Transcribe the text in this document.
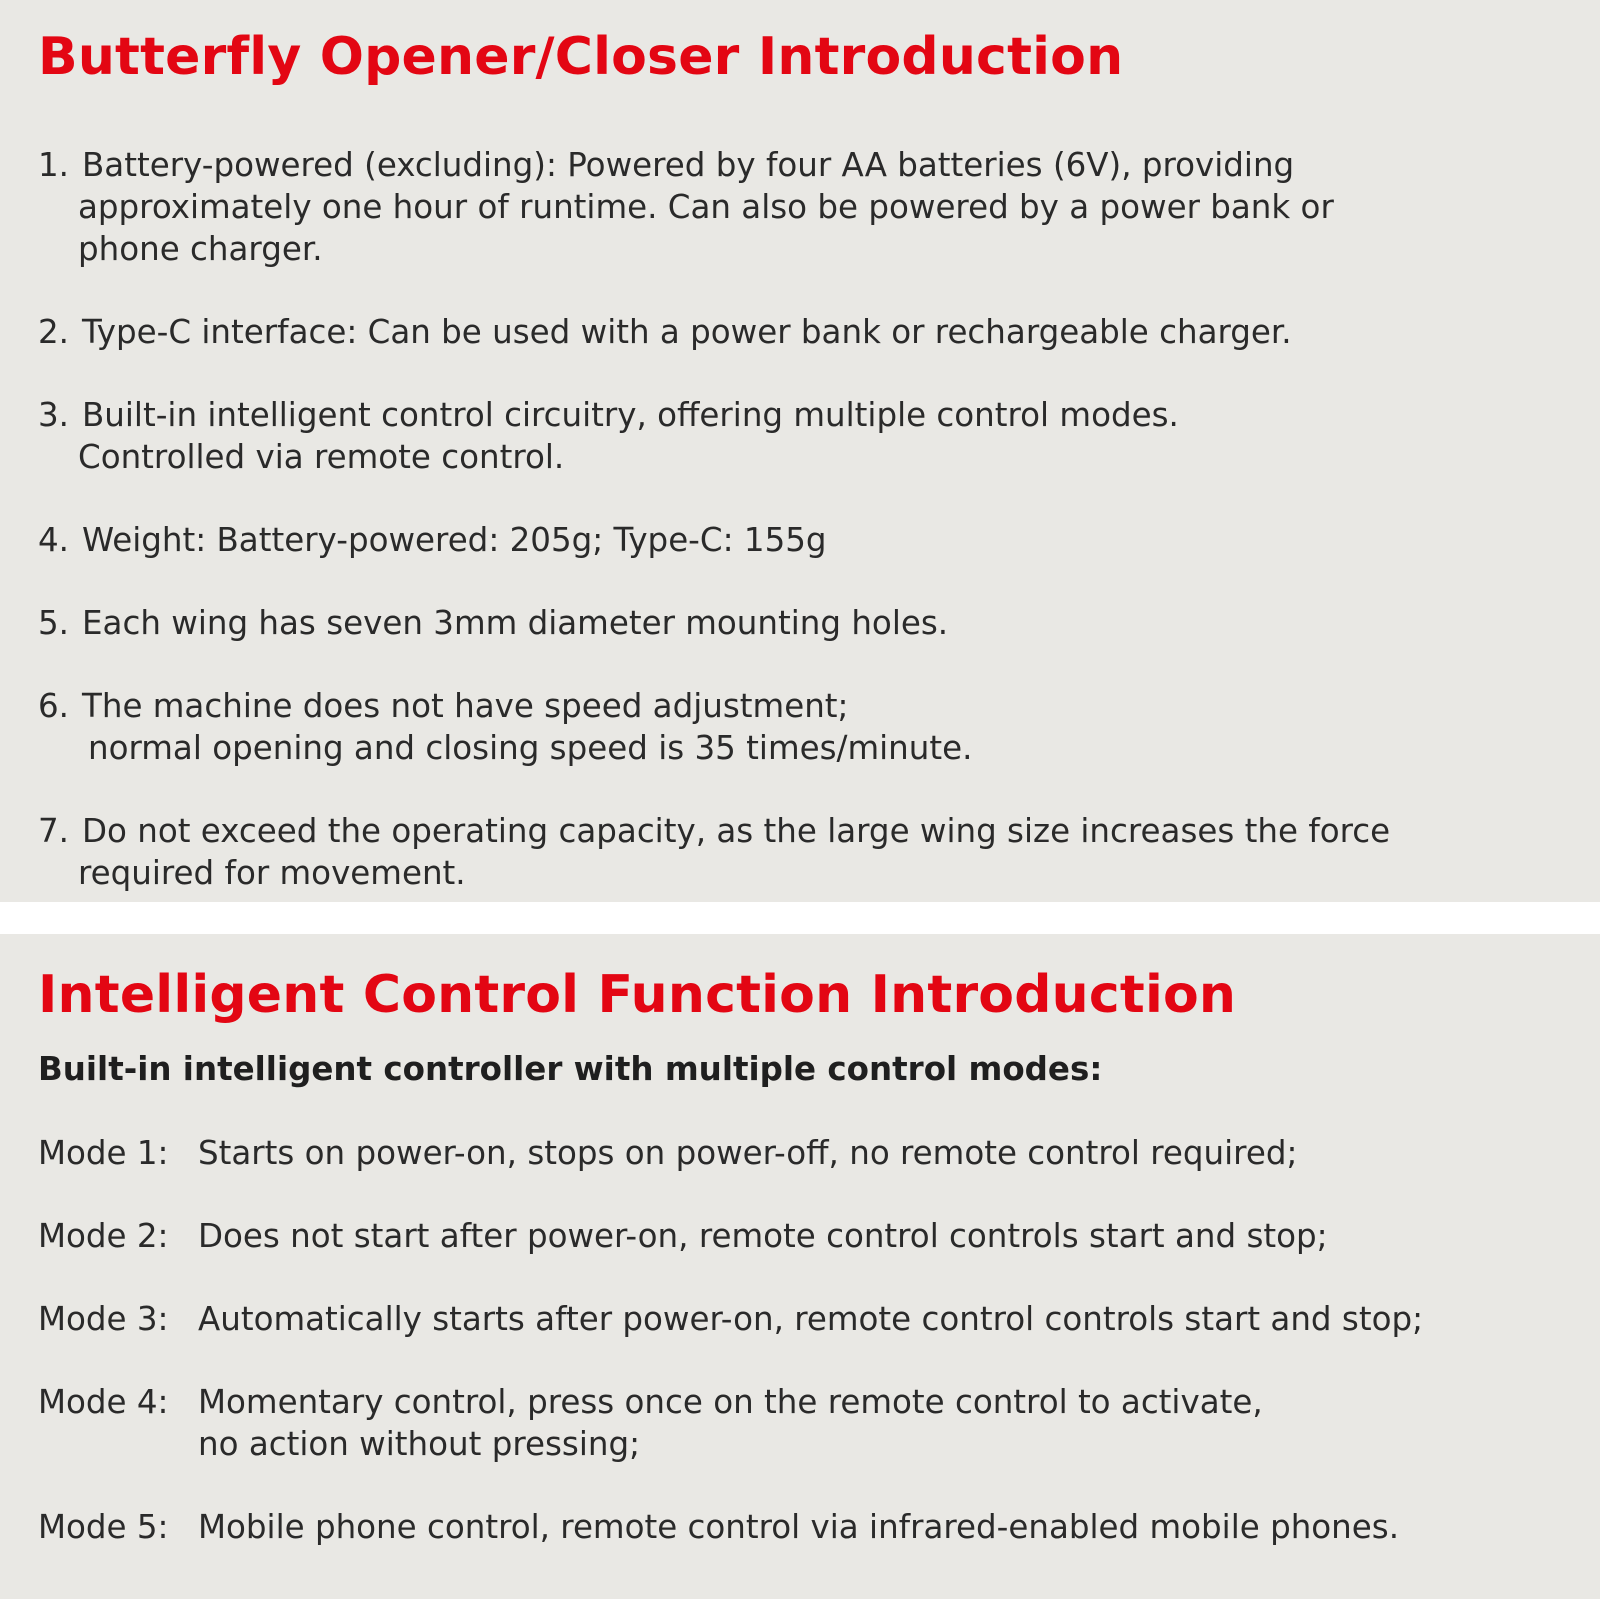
Butterfly Opener/Closer Introduction
1. Battery-powered (excluding): Powered by four AA batteries (6V), providing
approximately one hour of runtime. Can also be powered by a power bank or
phone charger.
2. Type-C interface: Can be used with a power bank or rechargeable charger.
3. Built-in intelligent control circuitry, offering multiple control modes.
Controlled via remote control.
4. Weight: Battery-powered: 205g; Type-C: 155g
5. Each wing has seven 3mm diameter mounting holes.
6. The machine does not have speed adjustment;
normal opening and closing speed is 35 times/minute.
7. Do not exceed the operating capacity, as the large wing size increases the force
required for movement.
Intelligent Control Function Introduction

Built-in intelligent controller with multiple control modes:

Mode 1: Starts on power-on, stops on power-off, no remote control required;
Mode 2: Does not start after power-on, remote control controls start and stop;
Mode 3: Automatically starts after power-on, remote control controls start and stop;
Mode 4: Momentary control, press once on the remote control to activate,
no action without pressing;
Mode 5: Mobile phone control, remote control via infrared-enabled mobile phones.
